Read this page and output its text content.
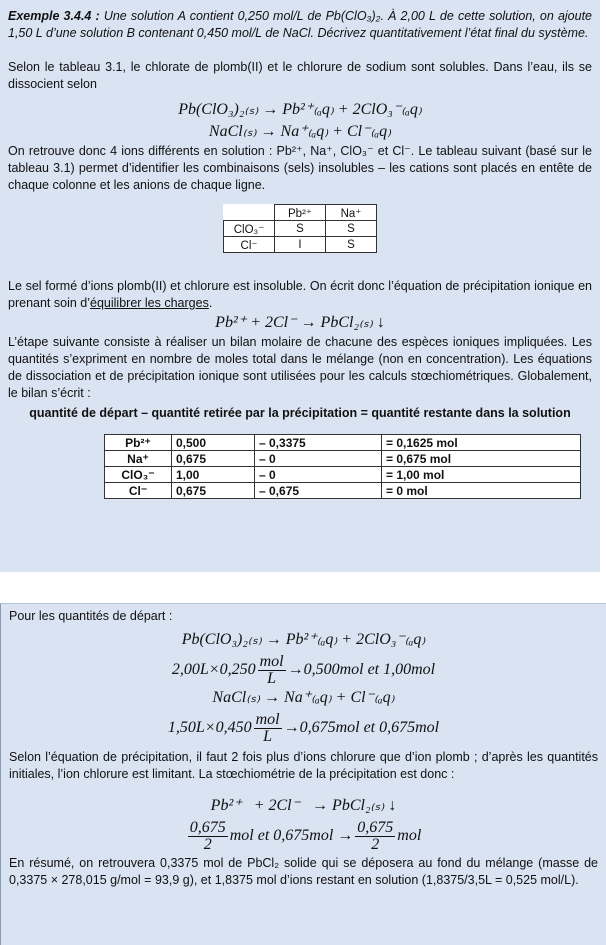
Exemple 3.4.4 : Une solution A contient 0,250 mol/L de Pb(ClO₃)₂. À 2,00 L de cette solution, on ajoute 1,50 L d’une solution B contenant 0,450 mol/L de NaCl. Décrivez quantitativement l’état final du système.

Selon le tableau 3.1, le chlorate de plomb(II) et le chlorure de sodium sont solubles. Dans l’eau, ils se dissocient selon

Pb(ClO₃)₂₍ₛ₎ → Pb²⁺₍ₐq₎ + 2ClO₃⁻₍ₐq₎
NaCl₍ₛ₎ → Na⁺₍ₐq₎ + Cl⁻₍ₐq₎

On retrouve donc 4 ions différents en solution : Pb²⁺, Na⁺, ClO₃⁻ et Cl⁻. Le tableau suivant (basé sur le tableau 3.1) permet d’identifier les combinaisons (sels) insolubles – les cations sont placés en entête de chaque colonne et les anions de chaque ligne.

	Pb²⁺	Na⁺
ClO₃⁻	S	S
Cl⁻	I	S

Le sel formé d’ions plomb(II) et chlorure est insoluble. On écrit donc l’équation de précipitation ionique en prenant soin d’équilibrer les charges.

Pb²⁺ + 2Cl⁻ → PbCl₂₍ₛ₎ ↓

L’étape suivante consiste à réaliser un bilan molaire de chacune des espèces ioniques impliquées. Les quantités s’expriment en nombre de moles total dans le mélange (non en concentration). Les équations de dissociation et de précipitation ionique sont utilisées pour les calculs stœchiométriques. Globalement, le bilan s’écrit :

quantité de départ – quantité retirée par la précipitation = quantité restante dans la solution
Pb²⁺	0,500	– 0,3375	= 0,1625 mol
Na⁺	0,675	– 0	= 0,675 mol
ClO₃⁻	1,00	– 0	= 1,00 mol
Cl⁻	0,675	– 0,675	= 0 mol

Pour les quantités de départ :

Pb(ClO₃)₂₍ₛ₎ → Pb²⁺₍ₐq₎ + 2ClO₃⁻₍ₐq₎
$2,00L\times 0,250 \frac{\text{mol}}{L} \to 0,500mol$ et 1,00mol
NaCl₍ₛ₎ → Na⁺₍ₐq₎ + Cl⁻₍ₐq₎
$1,50L\times 0,450 \frac{\text{mol}}{L} \to 0,675mol$ et 0,675mol

Selon l’équation de précipitation, il faut 2 fois plus d’ions chlorure que d’ion plomb ; d’après les quantités initiales, l’ion chlorure est limitant. La stœchiométrie de la précipitation est donc :

Pb²⁺ + 2Cl⁻ → PbCl₂₍ₛ₎ ↓
$\frac{0,675}{2}$ mol et $0,675mol \to \frac{0,675}{2}$ mol

En résumé, on retrouvera 0,3375 mol de PbCl₂ solide qui se déposera au fond du mélange (masse de 0,3375 × 278,015 g/mol = 93,9 g), et 1,8375 mol d’ions restant en solution (1,8375/3,5L = 0,525 mol/L).
